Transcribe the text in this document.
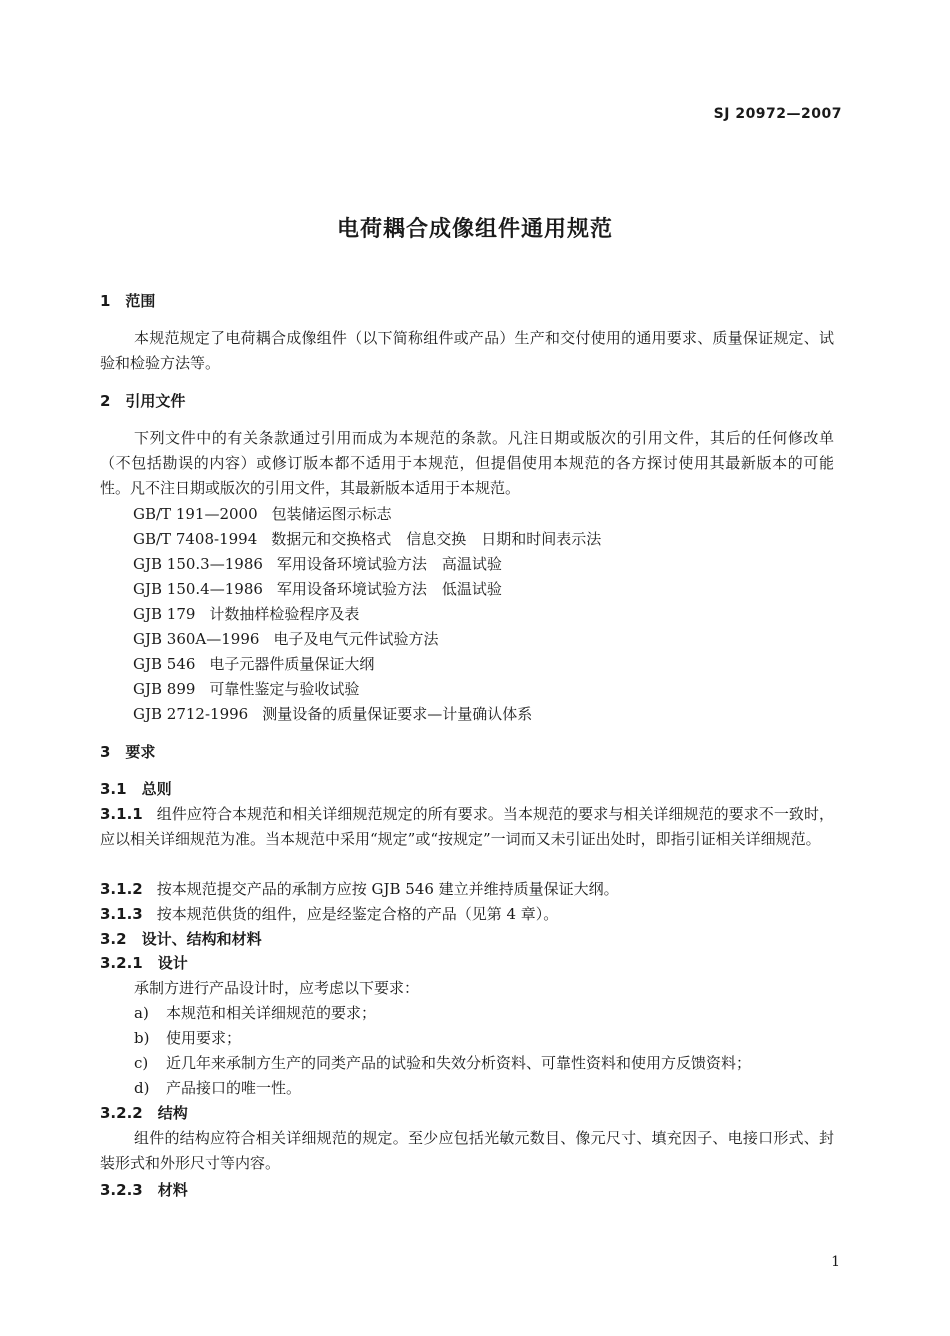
SJ 20972—2007
电荷耦合成像组件通用规范
1　范围
本规范规定了电荷耦合成像组件（以下简称组件或产品）生产和交付使用的通用要求、质量保证规定、试验和检验方法等。
2　引用文件
下列文件中的有关条款通过引用而成为本规范的条款。凡注日期或版次的引用文件，其后的任何修改单（不包括勘误的内容）或修订版本都不适用于本规范，但提倡使用本规范的各方探讨使用其最新版本的可能性。凡不注日期或版次的引用文件，其最新版本适用于本规范。
GB/T 191—2000 包装储运图示标志
GB/T 7408-1994 数据元和交换格式　信息交换　日期和时间表示法
GJB 150.3—1986 军用设备环境试验方法　高温试验
GJB 150.4—1986 军用设备环境试验方法　低温试验
GJB 179 计数抽样检验程序及表
GJB 360A—1996 电子及电气元件试验方法
GJB 546 电子元器件质量保证大纲
GJB 899 可靠性鉴定与验收试验
GJB 2712-1996 测量设备的质量保证要求—计量确认体系
3　要求
3.1　总则
3.1.1 组件应符合本规范和相关详细规范规定的所有要求。当本规范的要求与相关详细规范的要求不一致时，应以相关详细规范为准。当本规范中采用“规定”或“按规定”一词而又未引证出处时，即指引证相关详细规范。
3.1.2 按本规范提交产品的承制方应按 GJB 546 建立并维持质量保证大纲。
3.1.3 按本规范供货的组件，应是经鉴定合格的产品（见第 4 章）。
3.2　设计、结构和材料
3.2.1　设计
承制方进行产品设计时，应考虑以下要求：
a) 本规范和相关详细规范的要求；
b) 使用要求；
c) 近几年来承制方生产的同类产品的试验和失效分析资料、可靠性资料和使用方反馈资料；
d) 产品接口的唯一性。
3.2.2　结构
组件的结构应符合相关详细规范的规定。至少应包括光敏元数目、像元尺寸、填充因子、电接口形式、封装形式和外形尺寸等内容。
3.2.3　材料
1
